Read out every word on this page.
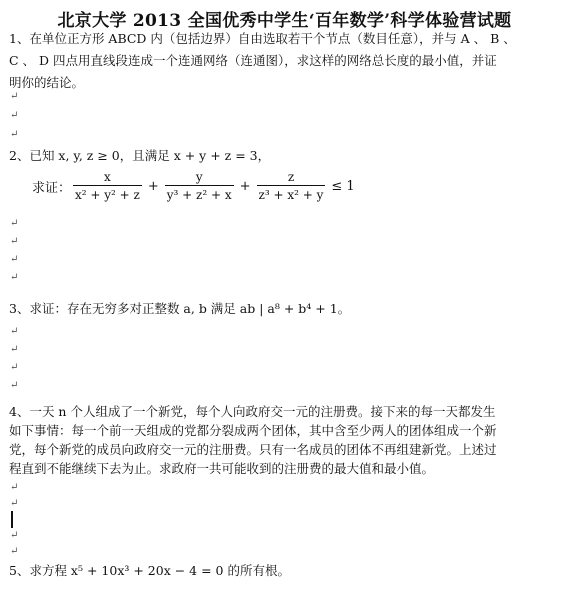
北京大学 2013 全国优秀中学生‘百年数学’科学体验营试题
1、在单位正方形 ABCD 内（包括边界）自由选取若干个节点（数目任意），并与 A 、 B 、
C 、 D 四点用直线段连成一个连通网络（连通图），求这样的网络总长度的最小值，并证
明你的结论。
↵
↵
↵
2、已知 x, y, z ≥ 0，且满足 x + y + z = 3，
求证： $\frac{x}{\text{x² + y² + z}} + \frac{y}{\text{y³ + z² + x}} + \frac{z}{\text{z³ + x² + y}} \le 1$
↵
↵
↵
↵
3、求证：存在无穷多对正整数 a, b 满足 ab | a⁸ + b⁴ + 1。
↵
↵
↵
↵
4、一天 n 个人组成了一个新党，每个人向政府交一元的注册费。接下来的每一天都发生
如下事情：每一个前一天组成的党都分裂成两个团体，其中含至少两人的团体组成一个新
党，每个新党的成员向政府交一元的注册费。只有一名成员的团体不再组建新党。上述过
程直到不能继续下去为止。求政府一共可能收到的注册费的最大值和最小值。
↵
↵
↵
↵
5、求方程 x⁵ + 10x³ + 20x − 4 = 0 的所有根。
